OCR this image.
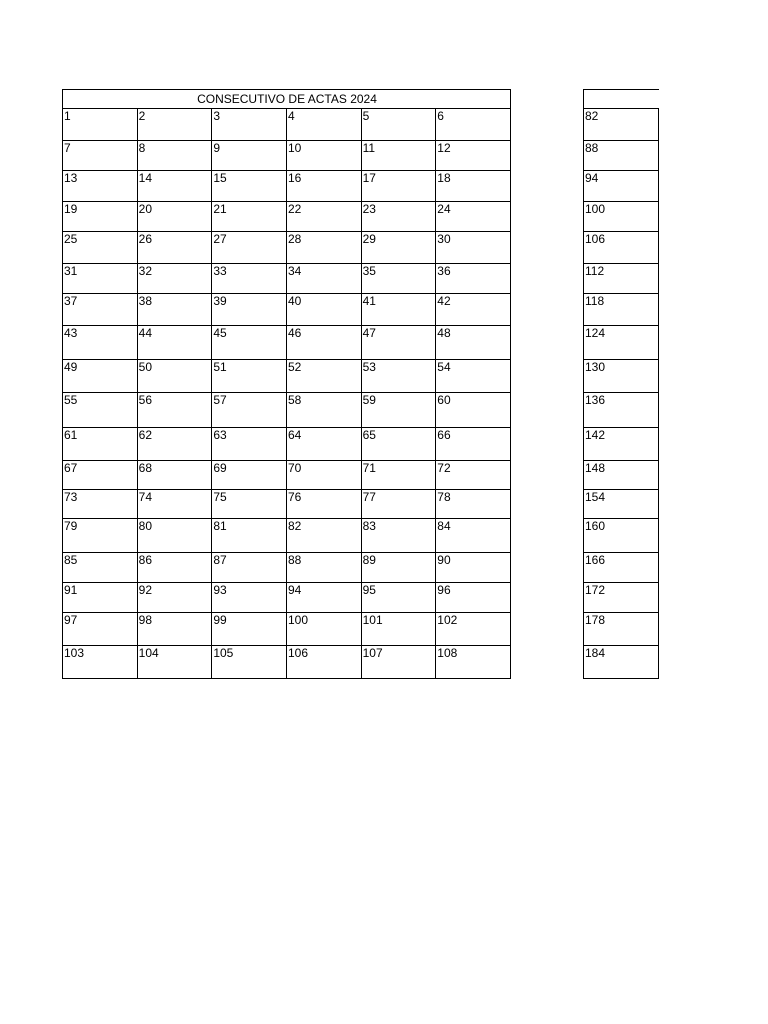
CONSECUTIVO DE ACTAS 2024					
1	2	3	4	5	6
7	8	9	10	11	12
13	14	15	16	17	18
19	20	21	22	23	24
25	26	27	28	29	30
31	32	33	34	35	36
37	38	39	40	41	42
43	44	45	46	47	48
49	50	51	52	53	54
55	56	57	58	59	60
61	62	63	64	65	66
67	68	69	70	71	72
73	74	75	76	77	78
79	80	81	82	83	84
85	86	87	88	89	90
91	92	93	94	95	96
97	98	99	100	101	102
103	104	105	106	107	108

82
88
94
100
106
112
118
124
130
136
142
148
154
160
166
172
178
184
